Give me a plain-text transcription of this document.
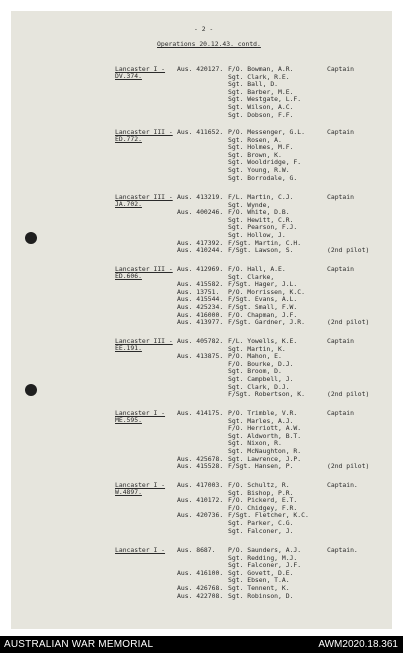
- 2 -
Operations 20.12.43. contd.
Lancaster I -
DV.374.
Aus. 420127. F/O. Bowman, A.R.	Captain
Sgt. Clark, R.E.
Sgt. Ball, D.
Sgt. Barber, M.E.
Sgt. Westgate, L.F.
Sgt. Wilson, A.C.
Sgt. Dobson, F.F.
Lancaster III -
ED.772.
Aus. 411652. P/O. Messenger, G.L.	Captain
Sgt. Rosen, A.
Sgt. Holmes, M.F.
Sgt. Brown, K.
Sgt. Wooldridge, F.
Sgt. Young, R.W.
Sgt. Borrodale, G.
Lancaster III -
JA.702.
Aus. 413219. F/L. Martin, C.J.	Captain
Sgt. Wynde,
Aus. 400246. F/O. White, D.B.
Sgt. Hewitt, C.R.
Sgt. Pearson, F.J.
Sgt. Hollow, J.
Aus. 417392. F/Sgt. Martin, C.H.
Aus. 410244. F/Sgt. Lawson, S.	(2nd pilot)
Lancaster III -
ED.606.
Aus. 412969. F/O. Hall, A.E.	Captain
Sgt. Clarke,
Aus. 415582. F/Sgt. Hager, J.L.
Aus. 13751. P/O. Morrissen, K.C.
Aus. 415544. F/Sgt. Evans, A.L.
Aus. 425234. F/Sgt. Small, F.W.
Aus. 416000. F/O. Chapman, J.F.
Aus. 413977. F/Sgt. Gardner, J.R.	(2nd pilot)
Lancaster III -
EE.191.
Aus. 405782. F/L. Yowells, K.E.	Captain
Sgt. Martin, K.
Aus. 413875. P/O. Mahon, E.
F/O. Bourke, D.J.
Sgt. Broom, D.
Sgt. Campbell, J.
Sgt. Clark, D.J.
F/Sgt. Robertson, K.	(2nd pilot)
Lancaster I -
ME.595.
Aus. 414175. P/O. Trimble, V.R.	Captain
Sgt. Marles, A.J.
F/O. Herriott, A.W.
Sgt. Aldworth, B.T.
Sgt. Nixon, R.
Sgt. McNaughton, R.
Aus. 425678. Sgt. Lawrence, J.P.
Aus. 415528. F/Sgt. Hansen, P.	(2nd pilot)
Lancaster I -
W.4897.
Aus. 417003. F/O. Schultz, R.	Captain.
Sgt. Bishop, P.R.
Aus. 410172. F/O. Pickerd, E.T.
F/O. Chidgey, F.R.
Aus. 420736. F/Sgt. Fletcher, K.C.
Sgt. Parker, C.G.
Sgt. Falconer, J.
Lancaster I - Aus. 8687. P/O. Saunders, A.J.	Captain.
Sgt. Redding, M.J.
Sgt. Falconer, J.F.
Aus. 416100. Sgt. Govett, D.E.
Sgt. Ebsen, T.A.
Aus. 426768. Sgt. Tennent, K.
Aus. 422708. Sgt. Robinson, D.
AUSTRALIAN WAR MEMORIAL	AWM2020.18.361
